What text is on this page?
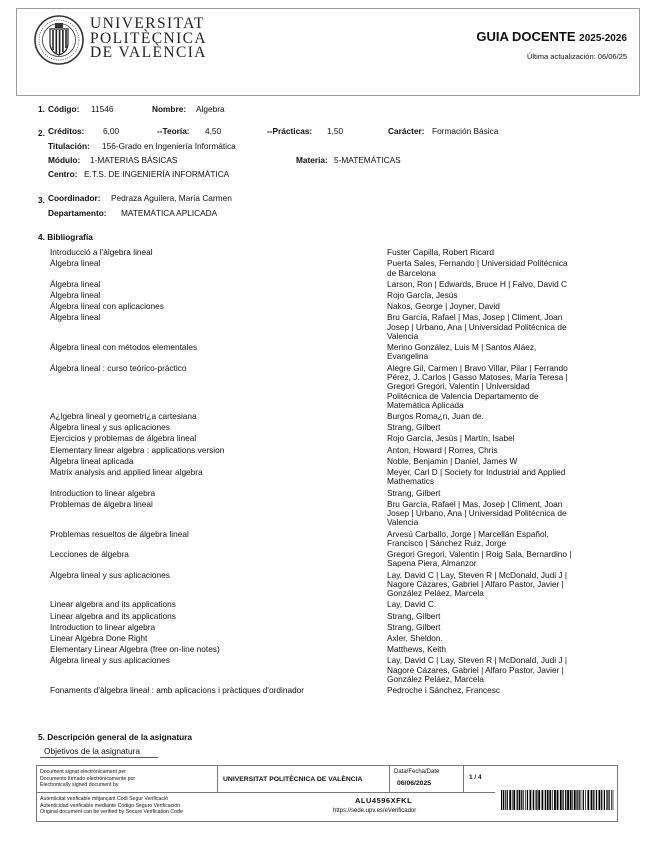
UNIVERSITAT
POLITÈCNICA
DE VALÈNCIA
GUIA DOCENTE 2025-2026
Última actualización: 06/06/25
1. Código: 11546	Nombre: Algebra
2. Créditos: 6,00	--Teoría: 4,50	--Prácticas: 1,50	Carácter: Formación Básica
Titulación: 156-Grado en Ingeniería Informática
Módulo: 1-MATERIAS BÁSICAS	Materia: 5-MATEMÁTICAS
Centro: E.T.S. DE INGENIERÍA INFORMÁTICA
3. Coordinador: Pedraza Aguilera, María Carmen
Departamento: MATEMÁTICA APLICADA
4. Bibliografía
Introducció a l'àlgebra lineal	Fuster Capilla, Robert Ricard
Álgebra lineal	Puerta Sales, Fernando | Universidad Politécnica
de Barcelona
Álgebra lineal	Larson, Ron | Edwards, Bruce H | Falvo, David C
Álgebra lineal	Rojo García, Jesús
Álgebra lineal con aplicaciones	Nakos, George | Joyner, David
Álgebra lineal	Bru García, Rafael | Mas, Josep | Climent, Joan
Josep | Urbano, Ana | Universidad Politécnica de
Valencia
Álgebra lineal con métodos elementales	Merino González, Luis M | Santos Aláez,
Evangelina
Álgebra lineal : curso teórico-práctico	Alegre Gil, Carmen | Bravo Villar, Pilar | Ferrando
Pérez, J. Carlos | Gasso Matoses, María Teresa |
Gregori Gregori, Valentín | Universidad
Politécnica de Valencia Departamento de
Matemática Aplicada
A¿lgebra lineal y geometri¿a cartesiana	Burgos Roma¿n, Juan de.
Álgebra lineal y sus aplicaciones	Strang, Gilbert
Ejercicios y problemas de álgebra lineal	Rojo García, Jesús | Martín, Isabel
Elementary linear algebra : applications version	Anton, Howard | Rorres, Chris
Álgebra lineal aplicada	Noble, Benjamin | Daniel, James W
Matrix analysis and applied linear algebra	Meyer, Carl D | Society for Industrial and Applied
Mathematics
Introduction to linear algebra	Strang, Gilbert
Problemas de álgebra lineal	Bru García, Rafael | Mas, Josep | Climent, Joan
Josep | Urbano, Ana | Universidad Politécnica de
Valencia
Problemas resueltos de álgebra lineal	Arvesú Carballo, Jorge | Marcellán Español,
Francisco | Sánchez Ruiz, Jorge
Lecciones de álgebra	Gregori Gregori, Valentín | Roig Sala, Bernardino |
Sapena Piera, Almanzor
Álgebra lineal y sus aplicaciones	Lay, David C | Lay, Steven R | McDonald, Judi J |
Nagore Cázares, Gabriel | Alfaro Pastor, Javier |
González Peláez, Marcela
Linear algebra and its applications	Lay, David C.
Linear algebra and its applications	Strang, Gilbert
Introduction to linear algebra	Strang, Gilbert
Linear Algebra Done Right	Axler, Sheldon.
Elementary Linear Algebra (free on-line notes)	Matthews, Keith
Álgebra lineal y sus aplicaciones	Lay, David C | Lay, Steven R | McDonald, Judi J |
Nagore Cázares, Gabriel | Alfaro Pastor, Javier |
González Peláez, Marcela
Fonaments d'àlgebra lineal : amb aplicacions i pràctiques d'ordinador	Pedroche i Sánchez, Francesc
5. Descripción general de la asignatura
Objetivos de la asignatura
Document signat electrònicament per
Documento firmado electrónicamente por
Electronically signed document by
UNIVERSITAT POLITÈCNICA DE VALÈNCIA
Data/Fecha/Date
06/06/2025
1 / 4
Autenticitat verificable mitjançant Codi Segur Verificació
Autenticidad verificable mediante Código Seguro Verificación
Original document can be verified by Secure Verification Code
ALU4596XFKL
https://sede.upv.es/eVerificador
